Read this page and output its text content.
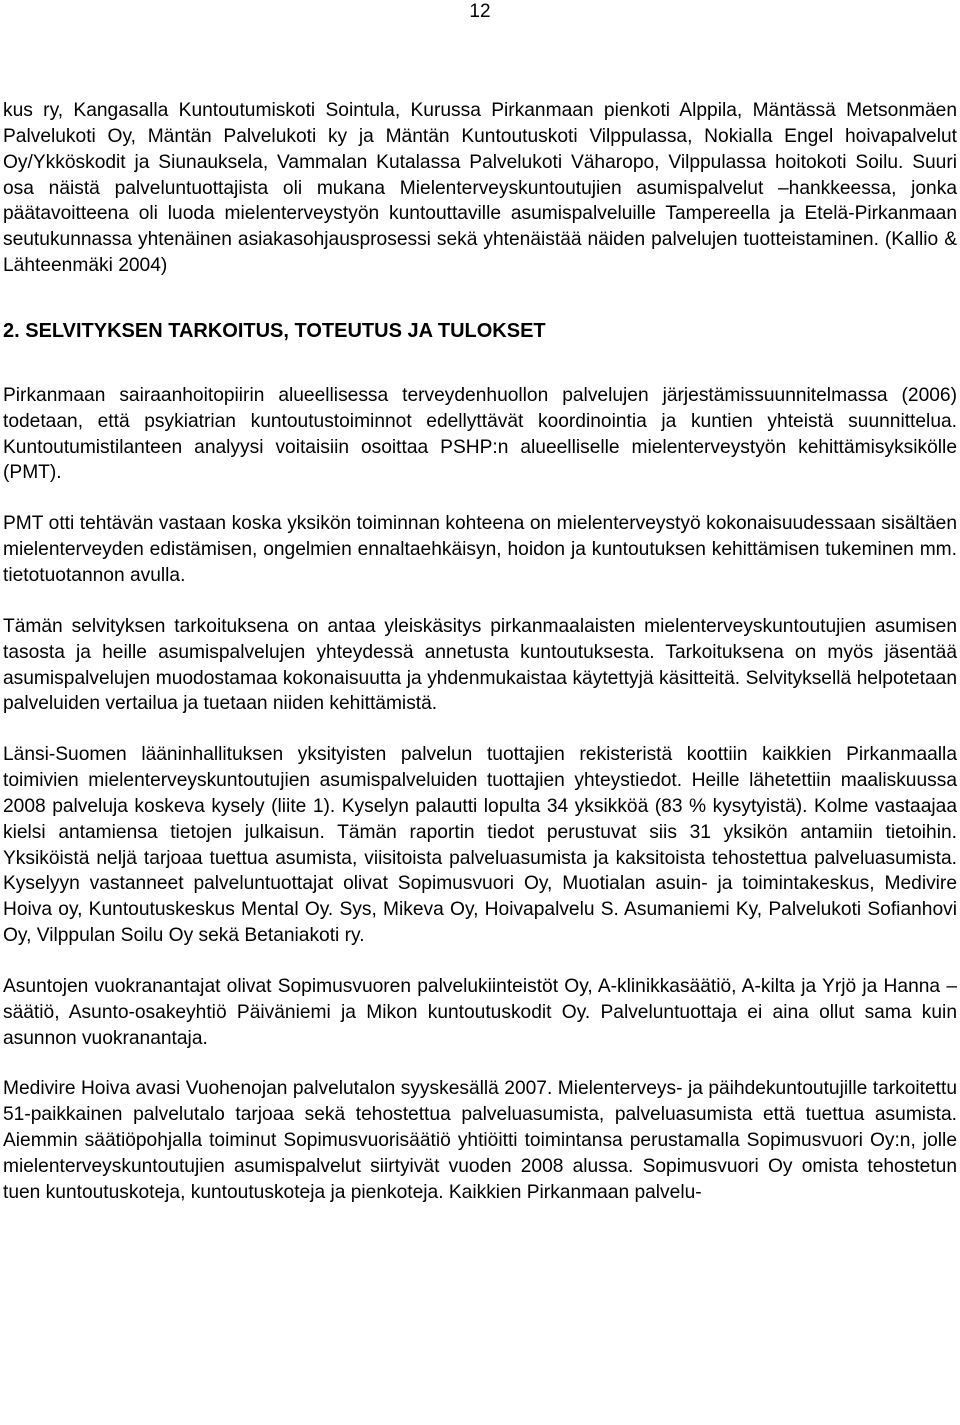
12

kus ry, Kangasalla Kuntoutumiskoti Sointula, Kurussa Pirkanmaan pienkoti Alppila, Mäntässä Metsonmäen Palvelukoti Oy, Mäntän Palvelukoti ky ja Mäntän Kuntoutuskoti Vilppulassa, Nokialla Engel hoivapalvelut Oy/Ykköskodit ja Siunauksela, Vammalan Kutalassa Palvelukoti Väharopo, Vilppulassa hoitokoti Soilu. Suuri osa näistä palveluntuottajista oli mukana Mielenterveyskuntoutujien asumispalvelut –hankkeessa, jonka päätavoitteena oli luoda mielenterveystyön kuntouttaville asumispalveluille Tampereella ja Etelä-Pirkanmaan seutukunnassa yhtenäinen asiakasohjausprosessi sekä yhtenäistää näiden palvelujen tuotteistaminen. (Kallio & Lähteenmäki 2004)

2. SELVITYKSEN TARKOITUS, TOTEUTUS JA TULOKSET

Pirkanmaan sairaanhoitopiirin alueellisessa terveydenhuollon palvelujen järjestämissuunnitelmassa (2006) todetaan, että psykiatrian kuntoutustoiminnot edellyttävät koordinointia ja kuntien yhteistä suunnittelua. Kuntoutumistilanteen analyysi voitaisiin osoittaa PSHP:n alueelliselle mielenterveystyön kehittämisyksikölle (PMT).

PMT otti tehtävän vastaan koska yksikön toiminnan kohteena on mielenterveystyö kokonaisuudessaan sisältäen mielenterveyden edistämisen, ongelmien ennaltaehkäisyn, hoidon ja kuntoutuksen kehittämisen tukeminen mm. tietotuotannon avulla.

Tämän selvityksen tarkoituksena on antaa yleiskäsitys pirkanmaalaisten mielenterveyskuntoutujien asumisen tasosta ja heille asumispalvelujen yhteydessä annetusta kuntoutuksesta. Tarkoituksena on myös jäsentää asumispalvelujen muodostamaa kokonaisuutta ja yhdenmukaistaa käytettyjä käsitteitä. Selvityksellä helpotetaan palveluiden vertailua ja tuetaan niiden kehittämistä.

Länsi-Suomen lääninhallituksen yksityisten palvelun tuottajien rekisteristä koottiin kaikkien Pirkanmaalla toimivien mielenterveyskuntoutujien asumispalveluiden tuottajien yhteystiedot. Heille lähetettiin maaliskuussa 2008 palveluja koskeva kysely (liite 1). Kyselyn palautti lopulta 34 yksikköä (83 % kysytyistä). Kolme vastaajaa kielsi antamiensa tietojen julkaisun. Tämän raportin tiedot perustuvat siis 31 yksikön antamiin tietoihin. Yksiköistä neljä tarjoaa tuettua asumista, viisitoista palveluasumista ja kaksitoista tehostettua palveluasumista. Kyselyyn vastanneet palveluntuottajat olivat Sopimusvuori Oy, Muotialan asuin- ja toimintakeskus, Medivire Hoiva oy, Kuntoutuskeskus Mental Oy. Sys, Mikeva Oy, Hoivapalvelu S. Asumaniemi Ky, Palvelukoti Sofianhovi Oy, Vilppulan Soilu Oy sekä Betaniakoti ry.

Asuntojen vuokranantajat olivat Sopimusvuoren palvelukiinteistöt Oy, A-klinikkasäätiö, A-kilta ja Yrjö ja Hanna –säätiö, Asunto-osakeyhtiö Päiväniemi ja Mikon kuntoutuskodit Oy. Palveluntuottaja ei aina ollut sama kuin asunnon vuokranantaja.

Medivire Hoiva avasi Vuohenojan palvelutalon syyskesällä 2007. Mielenterveys- ja päihdekuntoutujille tarkoitettu 51-paikkainen palvelutalo tarjoaa sekä tehostettua palveluasumista, palveluasumista että tuettua asumista. Aiemmin säätiöpohjalla toiminut Sopimusvuorisäätiö yhtiöitti toimintansa perustamalla Sopimusvuori Oy:n, jolle mielenterveyskuntoutujien asumispalvelut siirtyivät vuoden 2008 alussa. Sopimusvuori Oy omista tehostetun tuen kuntoutuskoteja, kuntoutuskoteja ja pienkoteja. Kaikkien Pirkanmaan palvelu-
